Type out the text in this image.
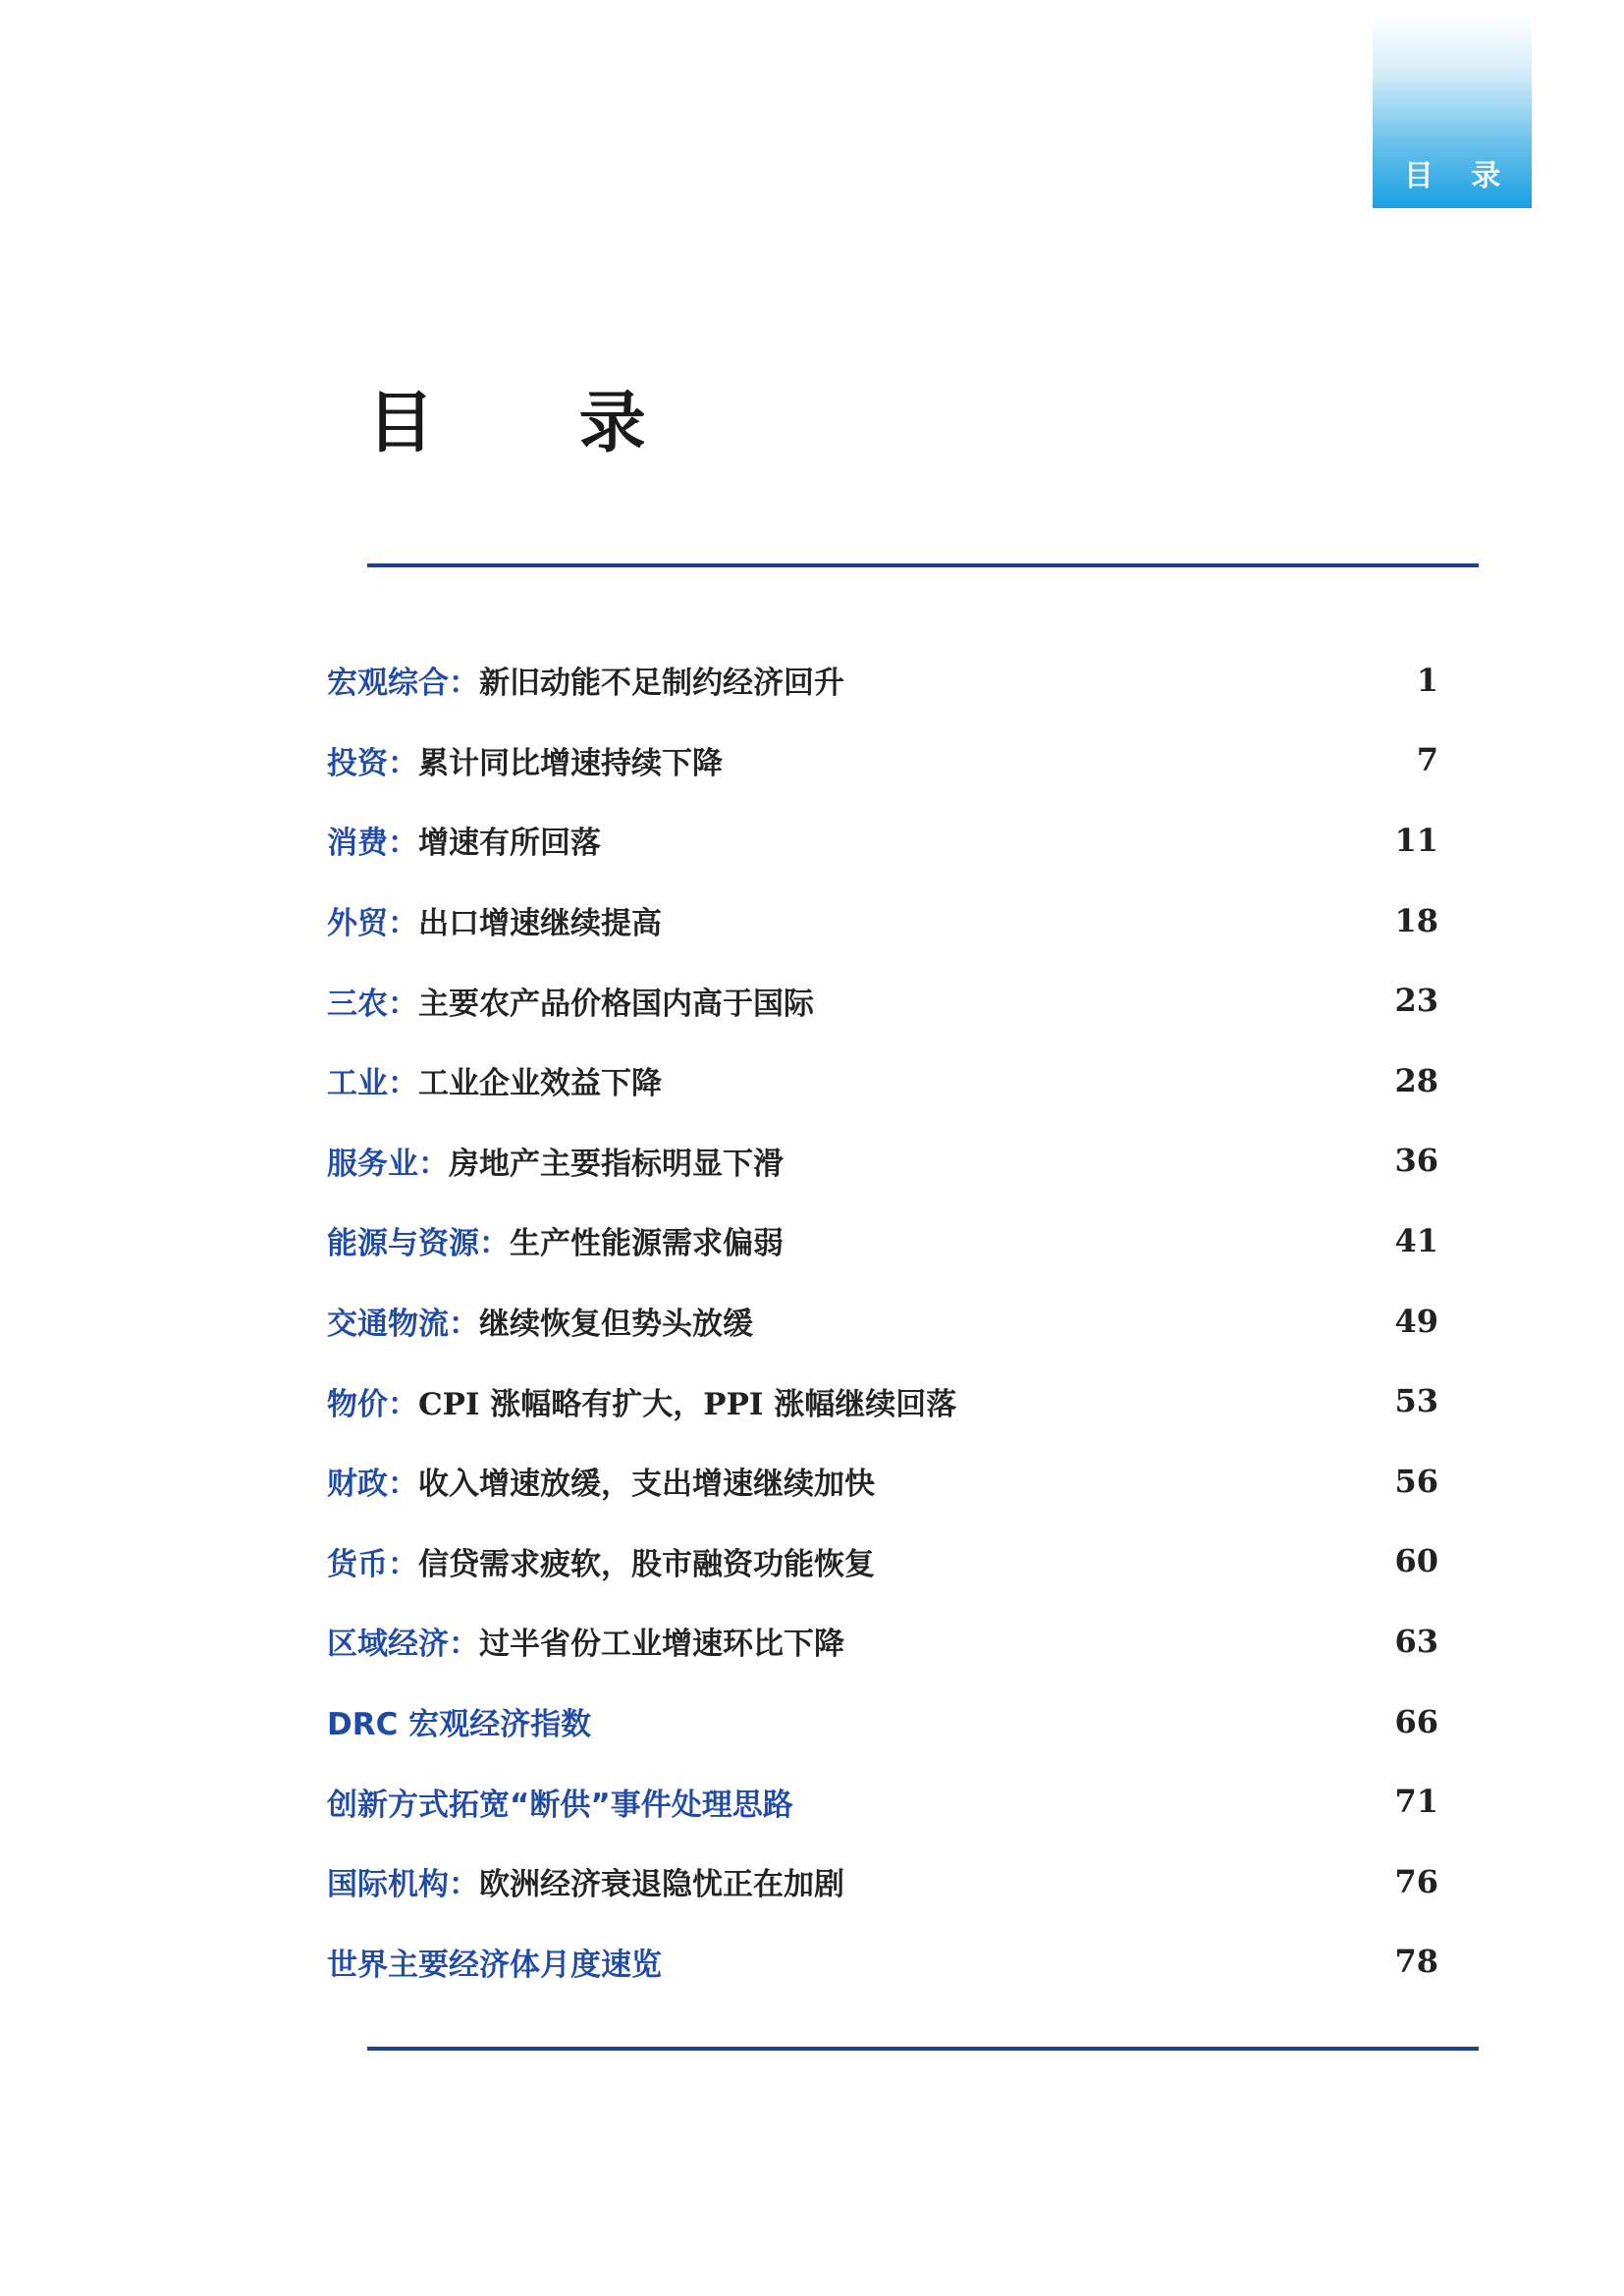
目 录
目 录
宏观综合： 新旧动能不足制约经济回升	1
投资： 累计同比增速持续下降	7
消费： 增速有所回落	11
外贸： 出口增速继续提高	18
三农： 主要农产品价格国内高于国际	23
工业： 工业企业效益下降	28
服务业： 房地产主要指标明显下滑	36
能源与资源： 生产性能源需求偏弱	41
交通物流： 继续恢复但势头放缓	49
物价： CPI 涨幅略有扩大，PPI 涨幅继续回落	53
财政： 收入增速放缓，支出增速继续加快	56
货币： 信贷需求疲软，股市融资功能恢复	60
区域经济： 过半省份工业增速环比下降	63
DRC 宏观经济指数	66
创新方式拓宽“断供”事件处理思路	71
国际机构： 欧洲经济衰退隐忧正在加剧	76
世界主要经济体月度速览	78
